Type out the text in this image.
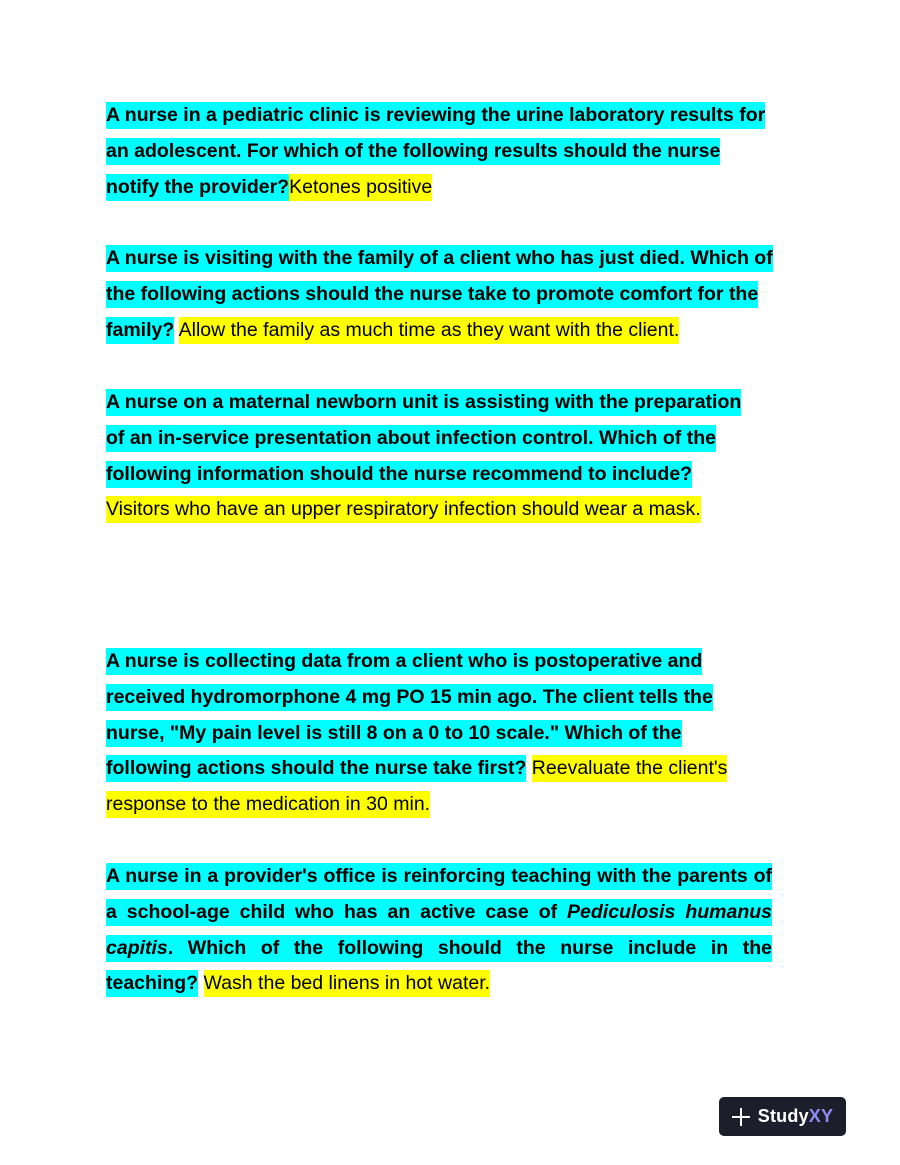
A nurse in a pediatric clinic is reviewing the urine laboratory results for an adolescent. For which of the following results should the nurse notify the provider?Ketones positive

A nurse is visiting with the family of a client who has just died. Which of the following actions should the nurse take to promote comfort for the family? Allow the family as much time as they want with the client.

A nurse on a maternal newborn unit is assisting with the preparation of an in-service presentation about infection control. Which of the following information should the nurse recommend to include?Visitors who have an upper respiratory infection should wear a mask.

A nurse is collecting data from a client who is postoperative and received hydromorphone 4 mg PO 15 min ago. The client tells the nurse, "My pain level is still 8 on a 0 to 10 scale." Which of the following actions should the nurse take first? Reevaluate the client's response to the medication in 30 min.

A nurse in a provider's office is reinforcing teaching with the parents of a school-age child who has an active case of Pediculosis humanus capitis. Which of the following should the nurse include in the teaching? Wash the bed linens in hot water.

StudyXY
